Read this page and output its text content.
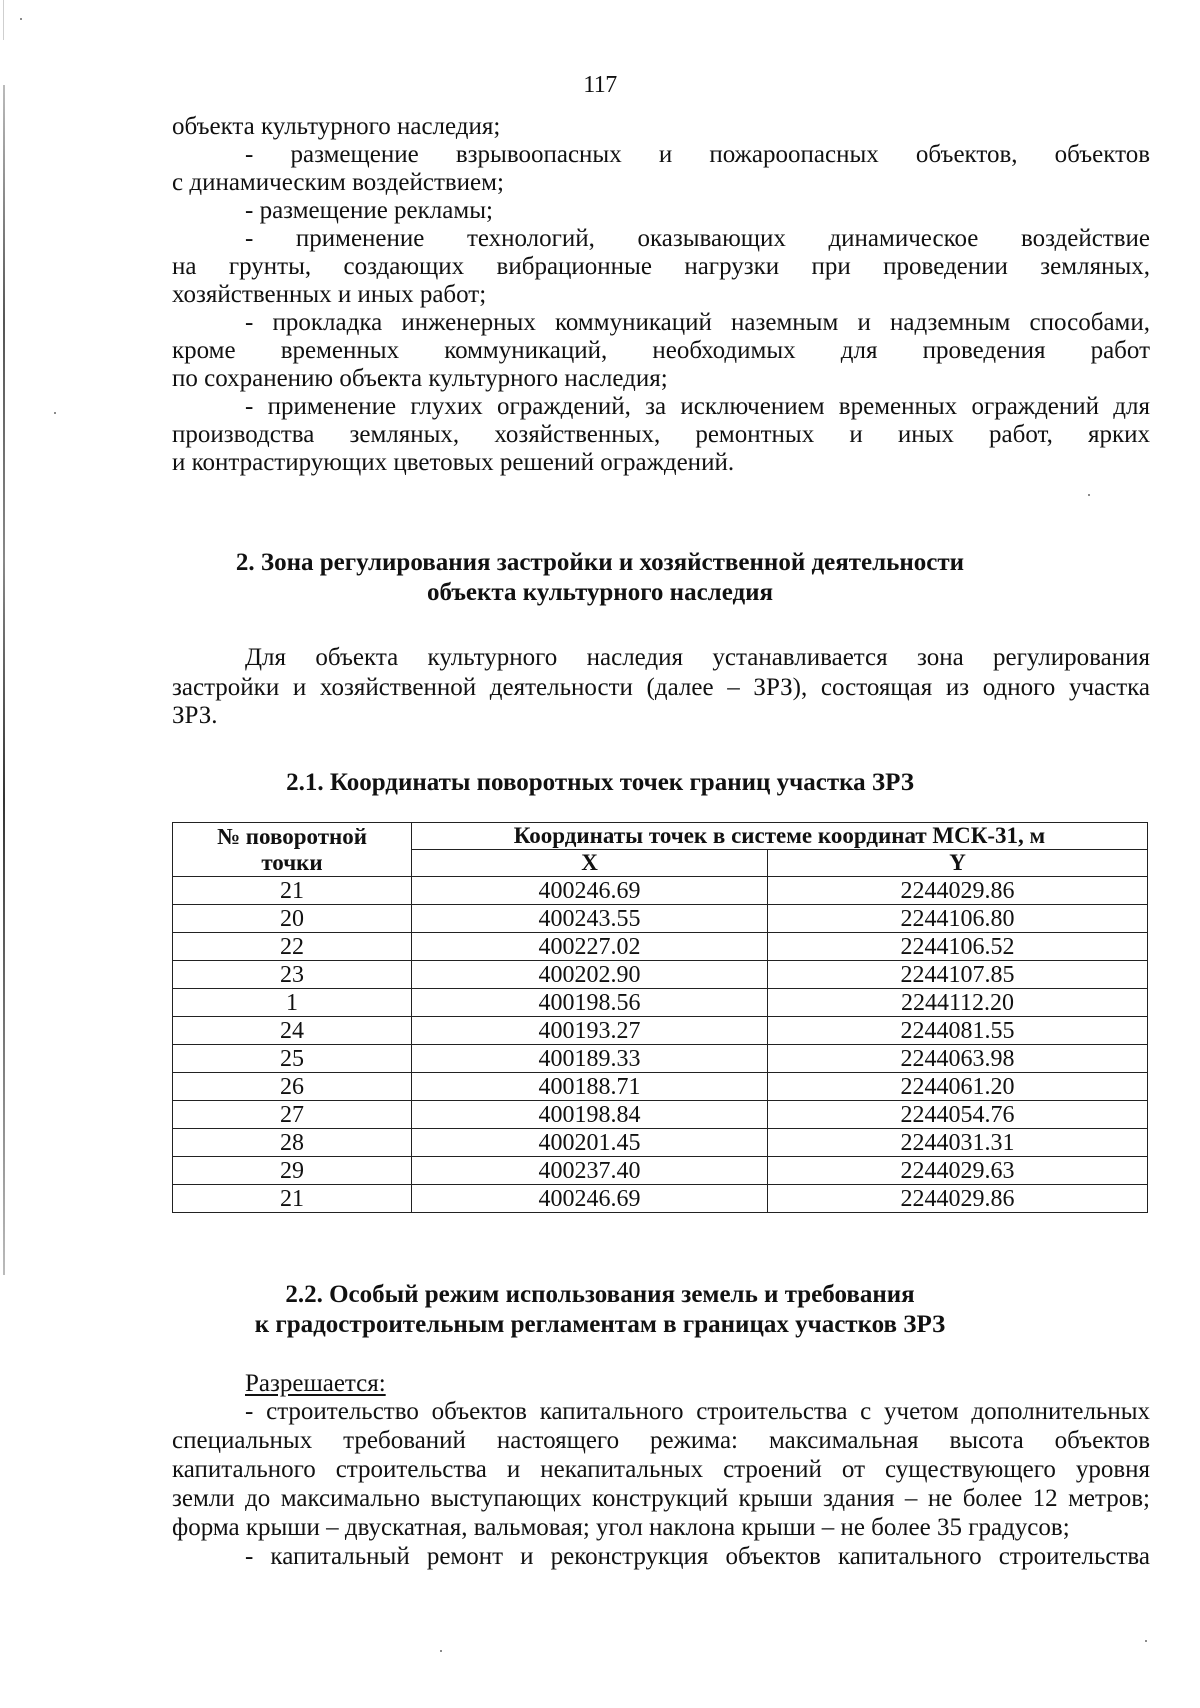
117
объекта культурного наследия;
- размещение взрывоопасных и пожароопасных объектов, объектов
с динамическим воздействием;
- размещение рекламы;
- применение технологий, оказывающих динамическое воздействие
на грунты, создающих вибрационные нагрузки при проведении земляных,
хозяйственных и иных работ;
- прокладка инженерных коммуникаций наземным и надземным способами,
кроме временных коммуникаций, необходимых для проведения работ
по сохранению объекта культурного наследия;
- применение глухих ограждений, за исключением временных ограждений для
производства земляных, хозяйственных, ремонтных и иных работ, ярких
и контрастирующих цветовых решений ограждений.
2. Зона регулирования застройки и хозяйственной деятельности
объекта культурного наследия
Для объекта культурного наследия устанавливается зона регулирования
застройки и хозяйственной деятельности (далее – ЗРЗ), состоящая из одного участка
ЗРЗ.
2.1. Координаты поворотных точек границ участка ЗРЗ
№ поворотной
точки	Координаты точек в системе координат МСК-31, м	
	X	Y
21	400246.69	2244029.86
20	400243.55	2244106.80
22	400227.02	2244106.52
23	400202.90	2244107.85
1	400198.56	2244112.20
24	400193.27	2244081.55
25	400189.33	2244063.98
26	400188.71	2244061.20
27	400198.84	2244054.76
28	400201.45	2244031.31
29	400237.40	2244029.63
21	400246.69	2244029.86
2.2. Особый режим использования земель и требования
к градостроительным регламентам в границах участков ЗРЗ
Разрешается:
- строительство объектов капитального строительства с учетом дополнительных
специальных требований настоящего режима: максимальная высота объектов
капитального строительства и некапитальных строений от существующего уровня
земли до максимально выступающих конструкций крыши здания – не более 12 метров;
форма крыши – двускатная, вальмовая; угол наклона крыши – не более 35 градусов;
- капитальный ремонт и реконструкция объектов капитального строительства
